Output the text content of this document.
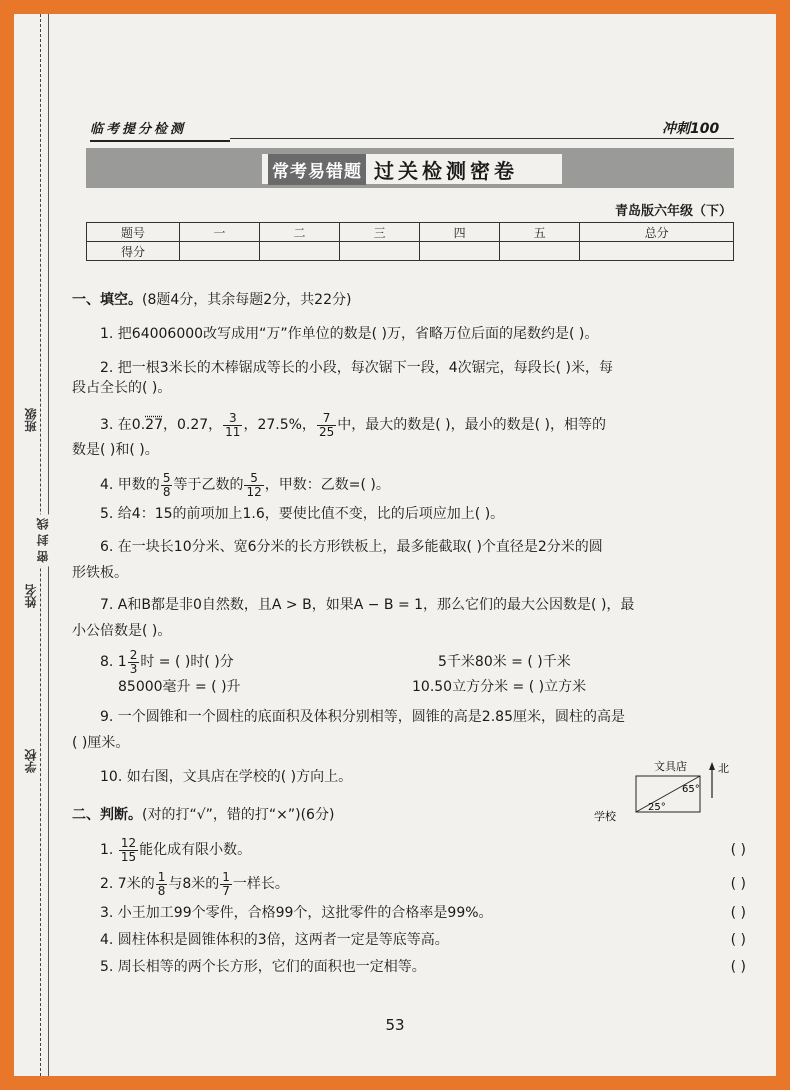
班级
密 封 线
姓名
学校
临考提分检测	冲刺100
常考易错题 过关检测密卷
青岛版六年级（下）
题号	一	二	三	四	五	总分
得分						

一、填空。(8题4分，其余每题2分，共22分)

1. 把64006000改写成用“万”作单位的数是( )万，省略万位后面的尾数约是( )。

2. 把一根3米长的木棒锯成等长的小段，每次锯下一段，4次锯完，每段长( )米，每

段占全长的( )。

3. 在0.27，0.27， $\frac{3}{11}$ ，27.5%， $\frac{7}{25}$ 中，最大的数是( )，最小的数是( )，相等的

数是( )和( )。

4. 甲数的 $\frac{5}{8}$ 等于乙数的 $\frac{5}{12}$ ，甲数：乙数=( )。

5. 给4：15的前项加上1.6，要使比值不变，比的后项应加上( )。

6. 在一块长10分米、宽6分米的长方形铁板上，最多能截取( )个直径是2分米的圆

形铁板。

7. A和B都是非0自然数，且A > B，如果A − B = 1，那么它们的最大公因数是( )，最

小公倍数是( )。

8. $1 \frac{2}{3}$ 时 = ( )时( )分	5千米80米 = ( )千米
85000毫升 = ( )升	10.50立方分米 = ( )立方米

9. 一个圆锥和一个圆柱的底面积及体积分别相等，圆锥的高是2.85厘米，圆柱的高是

( )厘米。

10. 如右图，文具店在学校的( )方向上。

二、判断。(对的打“√”，错的打“×”)(6分)

1. $\frac{12}{15}$ 能化成有限小数。	( )
2. 7米的 $\frac{1}{8}$ 与8米的 $\frac{1}{7}$ 一样长。	( )
3. 小王加工99个零件，合格99个，这批零件的合格率是99%。	( )
4. 圆柱体积是圆锥体积的3倍，这两者一定是等底等高。	( )
5. 周长相等的两个长方形，它们的面积也一定相等。	( )
文具店	北
学校
65°
25°
53
